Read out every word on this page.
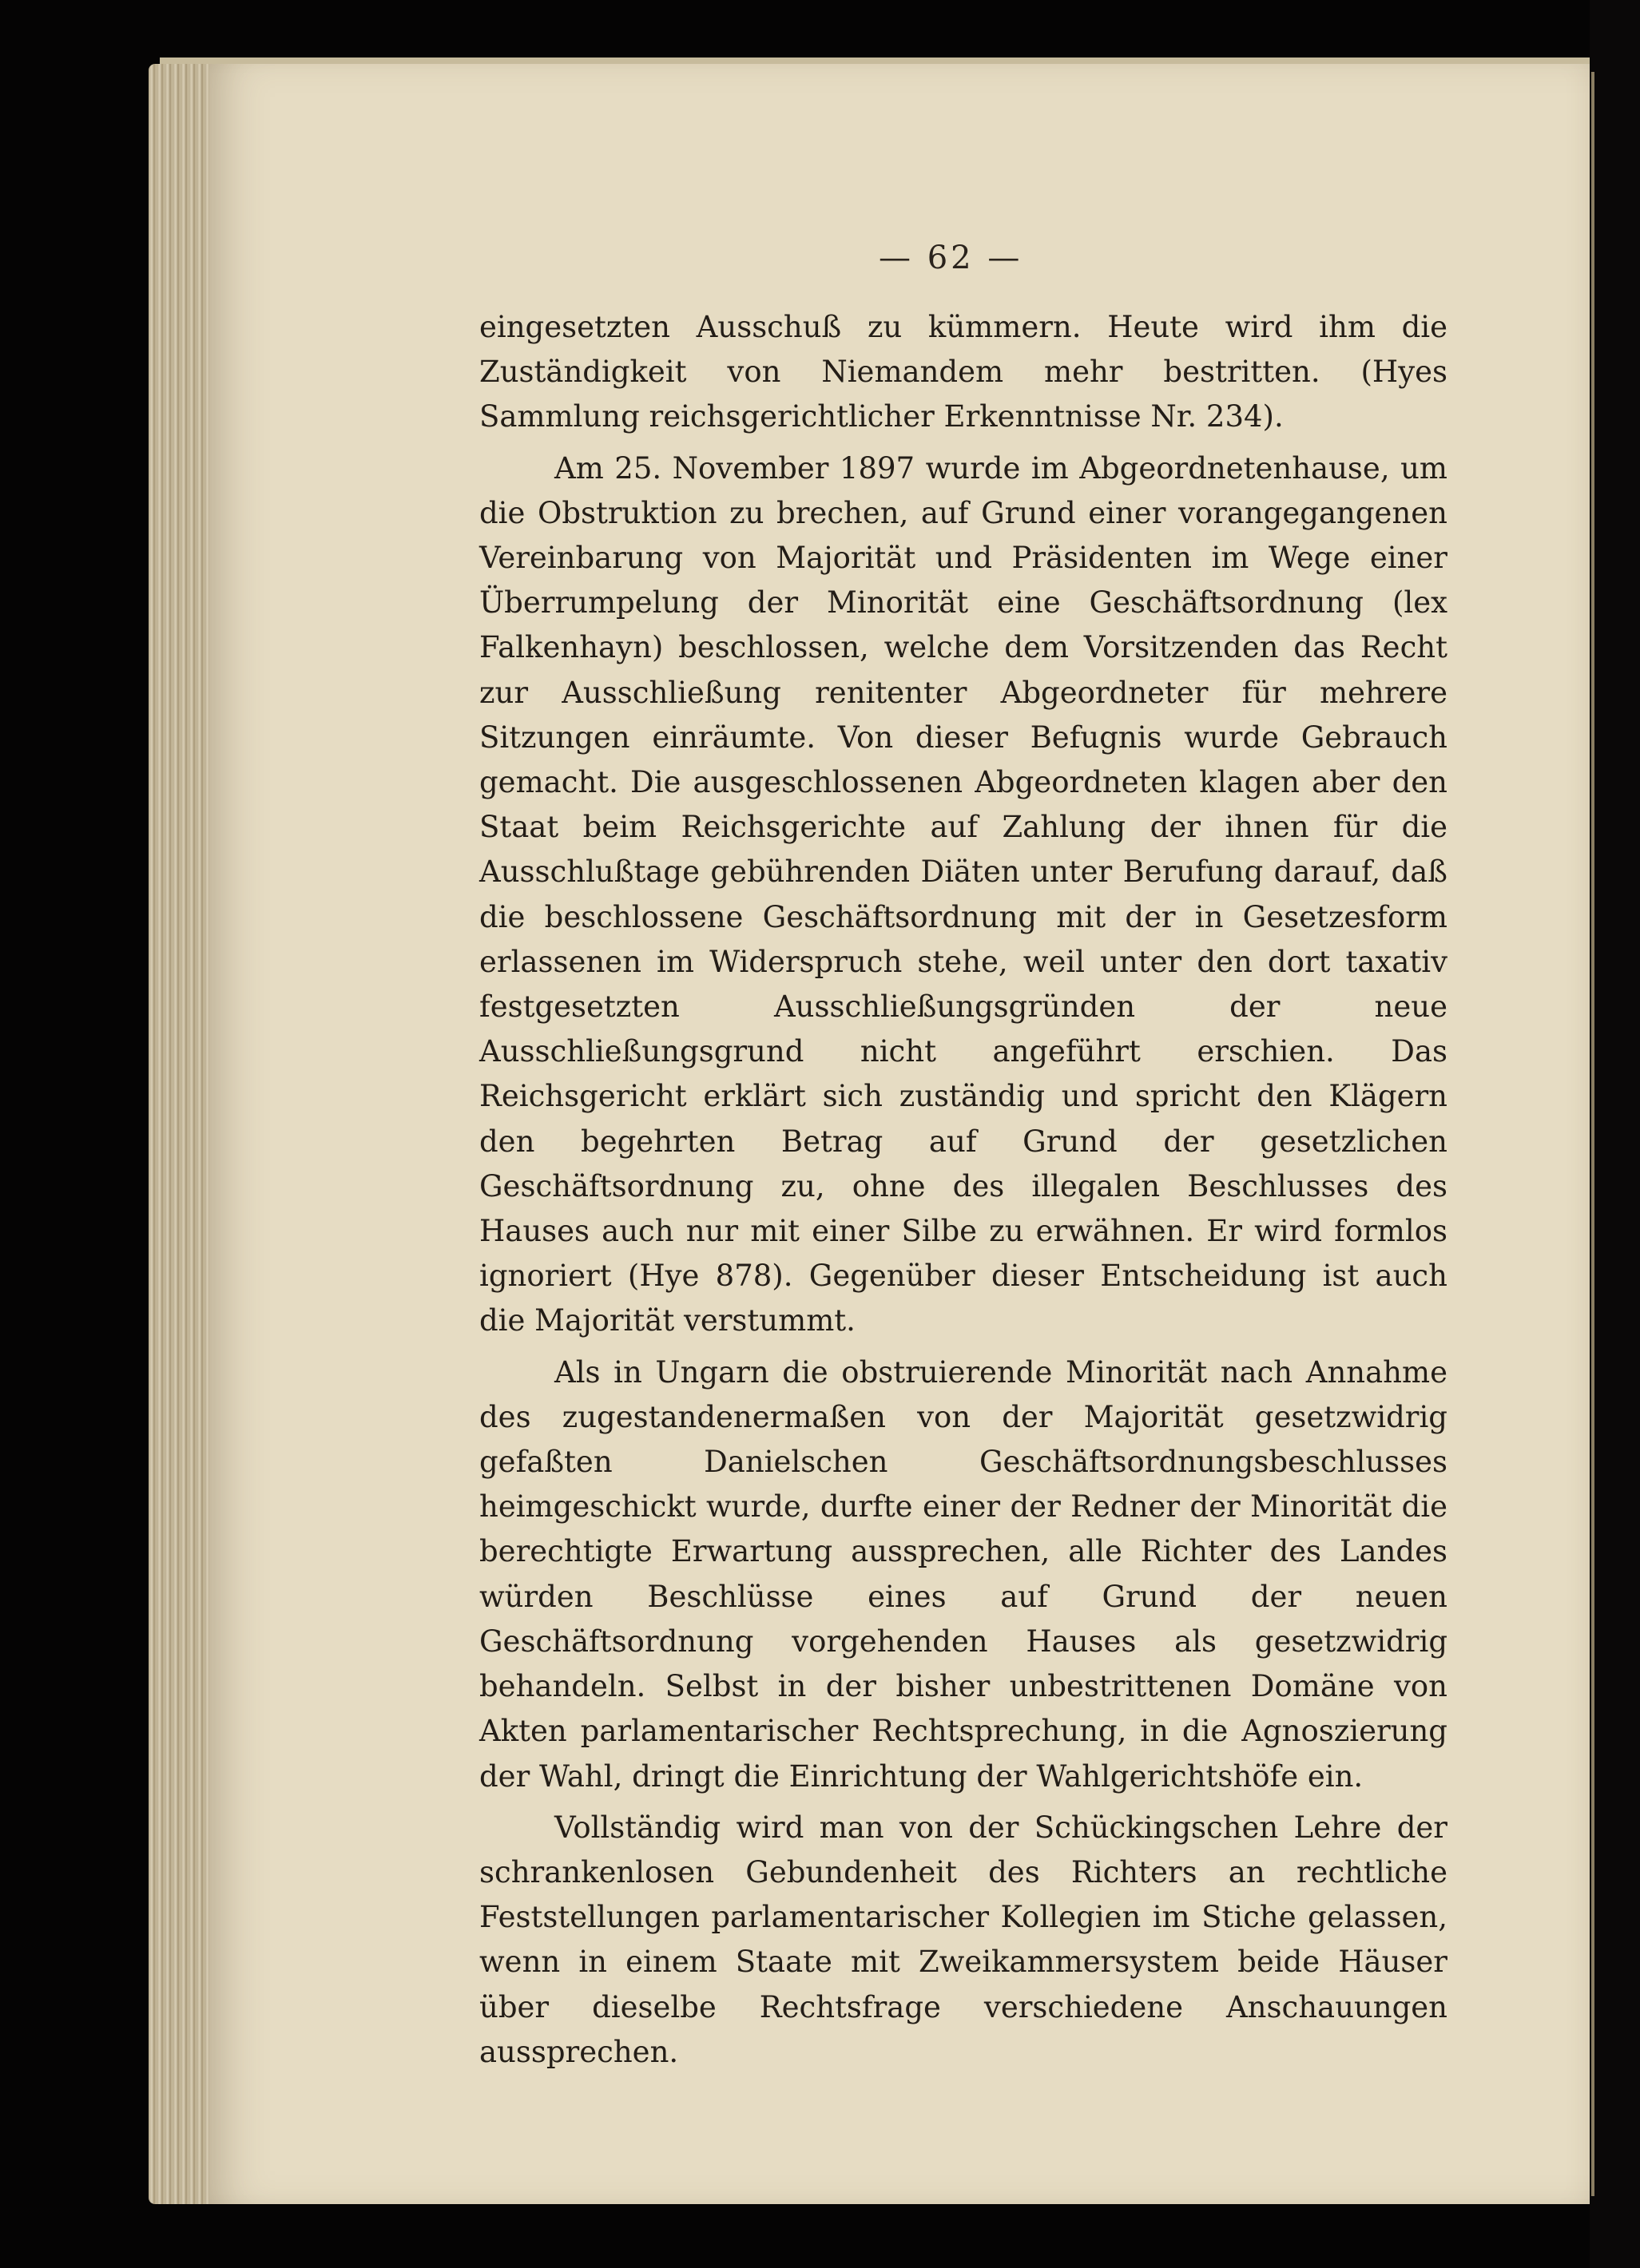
— 62 —

eingesetzten Ausschuß zu kümmern. Heute wird ihm die Zuständigkeit von Niemandem mehr bestritten. (Hyes Sammlung reichsgerichtlicher Erkenntnisse Nr. 234).

Am 25. November 1897 wurde im Abgeordnetenhause, um die Obstruktion zu brechen, auf Grund einer vorangegangenen Vereinbarung von Majorität und Präsidenten im Wege einer Überrumpelung der Minorität eine Geschäftsordnung (lex Falkenhayn) beschlossen, welche dem Vorsitzenden das Recht zur Ausschließung renitenter Abgeordneter für mehrere Sitzungen einräumte. Von dieser Befugnis wurde Gebrauch gemacht. Die ausgeschlossenen Abgeordneten klagen aber den Staat beim Reichsgerichte auf Zahlung der ihnen für die Ausschlußtage gebührenden Diäten unter Berufung darauf, daß die beschlossene Geschäftsordnung mit der in Gesetzesform erlassenen im Widerspruch stehe, weil unter den dort taxativ festgesetzten Ausschließungsgründen der neue Ausschließungsgrund nicht angeführt erschien. Das Reichsgericht erklärt sich zuständig und spricht den Klägern den begehrten Betrag auf Grund der gesetzlichen Geschäftsordnung zu, ohne des illegalen Beschlusses des Hauses auch nur mit einer Silbe zu erwähnen. Er wird formlos ignoriert (Hye 878). Gegenüber dieser Entscheidung ist auch die Majorität verstummt.

Als in Ungarn die obstruierende Minorität nach Annahme des zugestandenermaßen von der Majorität gesetzwidrig gefaßten Danielschen Geschäftsordnungsbeschlusses heimgeschickt wurde, durfte einer der Redner der Minorität die berechtigte Erwartung aussprechen, alle Richter des Landes würden Beschlüsse eines auf Grund der neuen Geschäftsordnung vorgehenden Hauses als gesetzwidrig behandeln. Selbst in der bisher unbestrittenen Domäne von Akten parlamentarischer Rechtsprechung, in die Agnoszierung der Wahl, dringt die Einrichtung der Wahlgerichtshöfe ein.

Vollständig wird man von der Schückingschen Lehre der schrankenlosen Gebundenheit des Richters an rechtliche Feststellungen parlamentarischer Kollegien im Stiche gelassen, wenn in einem Staate mit Zweikammersystem beide Häuser über dieselbe Rechtsfrage verschiedene Anschauungen aussprechen.
